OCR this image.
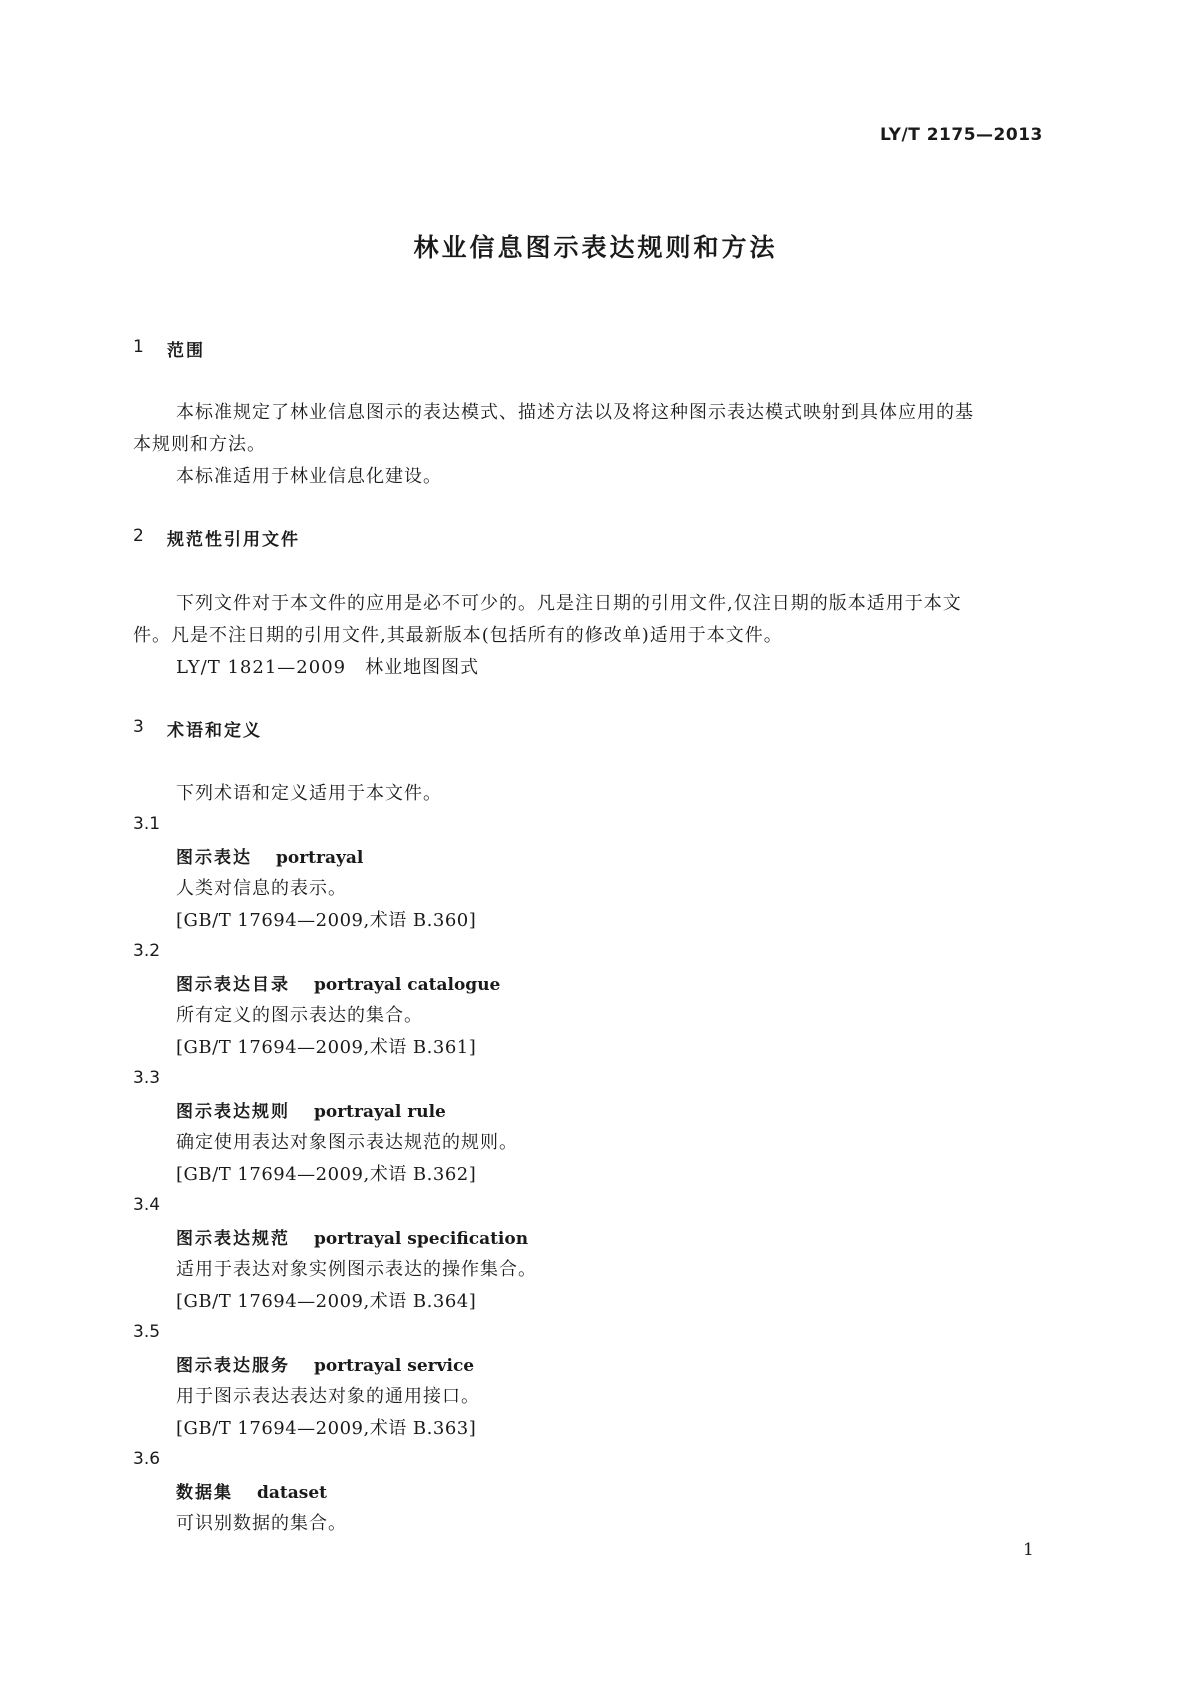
LY/T 2175—2013
林业信息图示表达规则和方法
1 范围
本标准规定了林业信息图示的表达模式、描述方法以及将这种图示表达模式映射到具体应用的基
本规则和方法。
本标准适用于林业信息化建设。
2 规范性引用文件
下列文件对于本文件的应用是必不可少的。凡是注日期的引用文件,仅注日期的版本适用于本文
件。凡是不注日期的引用文件,其最新版本(包括所有的修改单)适用于本文件。
LY/T 1821—2009　林业地图图式
3 术语和定义
下列术语和定义适用于本文件。
3.1
图示表达 portrayal
人类对信息的表示。
[GB/T 17694—2009,术语 B.360]
3.2
图示表达目录 portrayal catalogue
所有定义的图示表达的集合。
[GB/T 17694—2009,术语 B.361]
3.3
图示表达规则 portrayal rule
确定使用表达对象图示表达规范的规则。
[GB/T 17694—2009,术语 B.362]
3.4
图示表达规范 portrayal specification
适用于表达对象实例图示表达的操作集合。
[GB/T 17694—2009,术语 B.364]
3.5
图示表达服务 portrayal service
用于图示表达表达对象的通用接口。
[GB/T 17694—2009,术语 B.363]
3.6
数据集 dataset
可识别数据的集合。
1
